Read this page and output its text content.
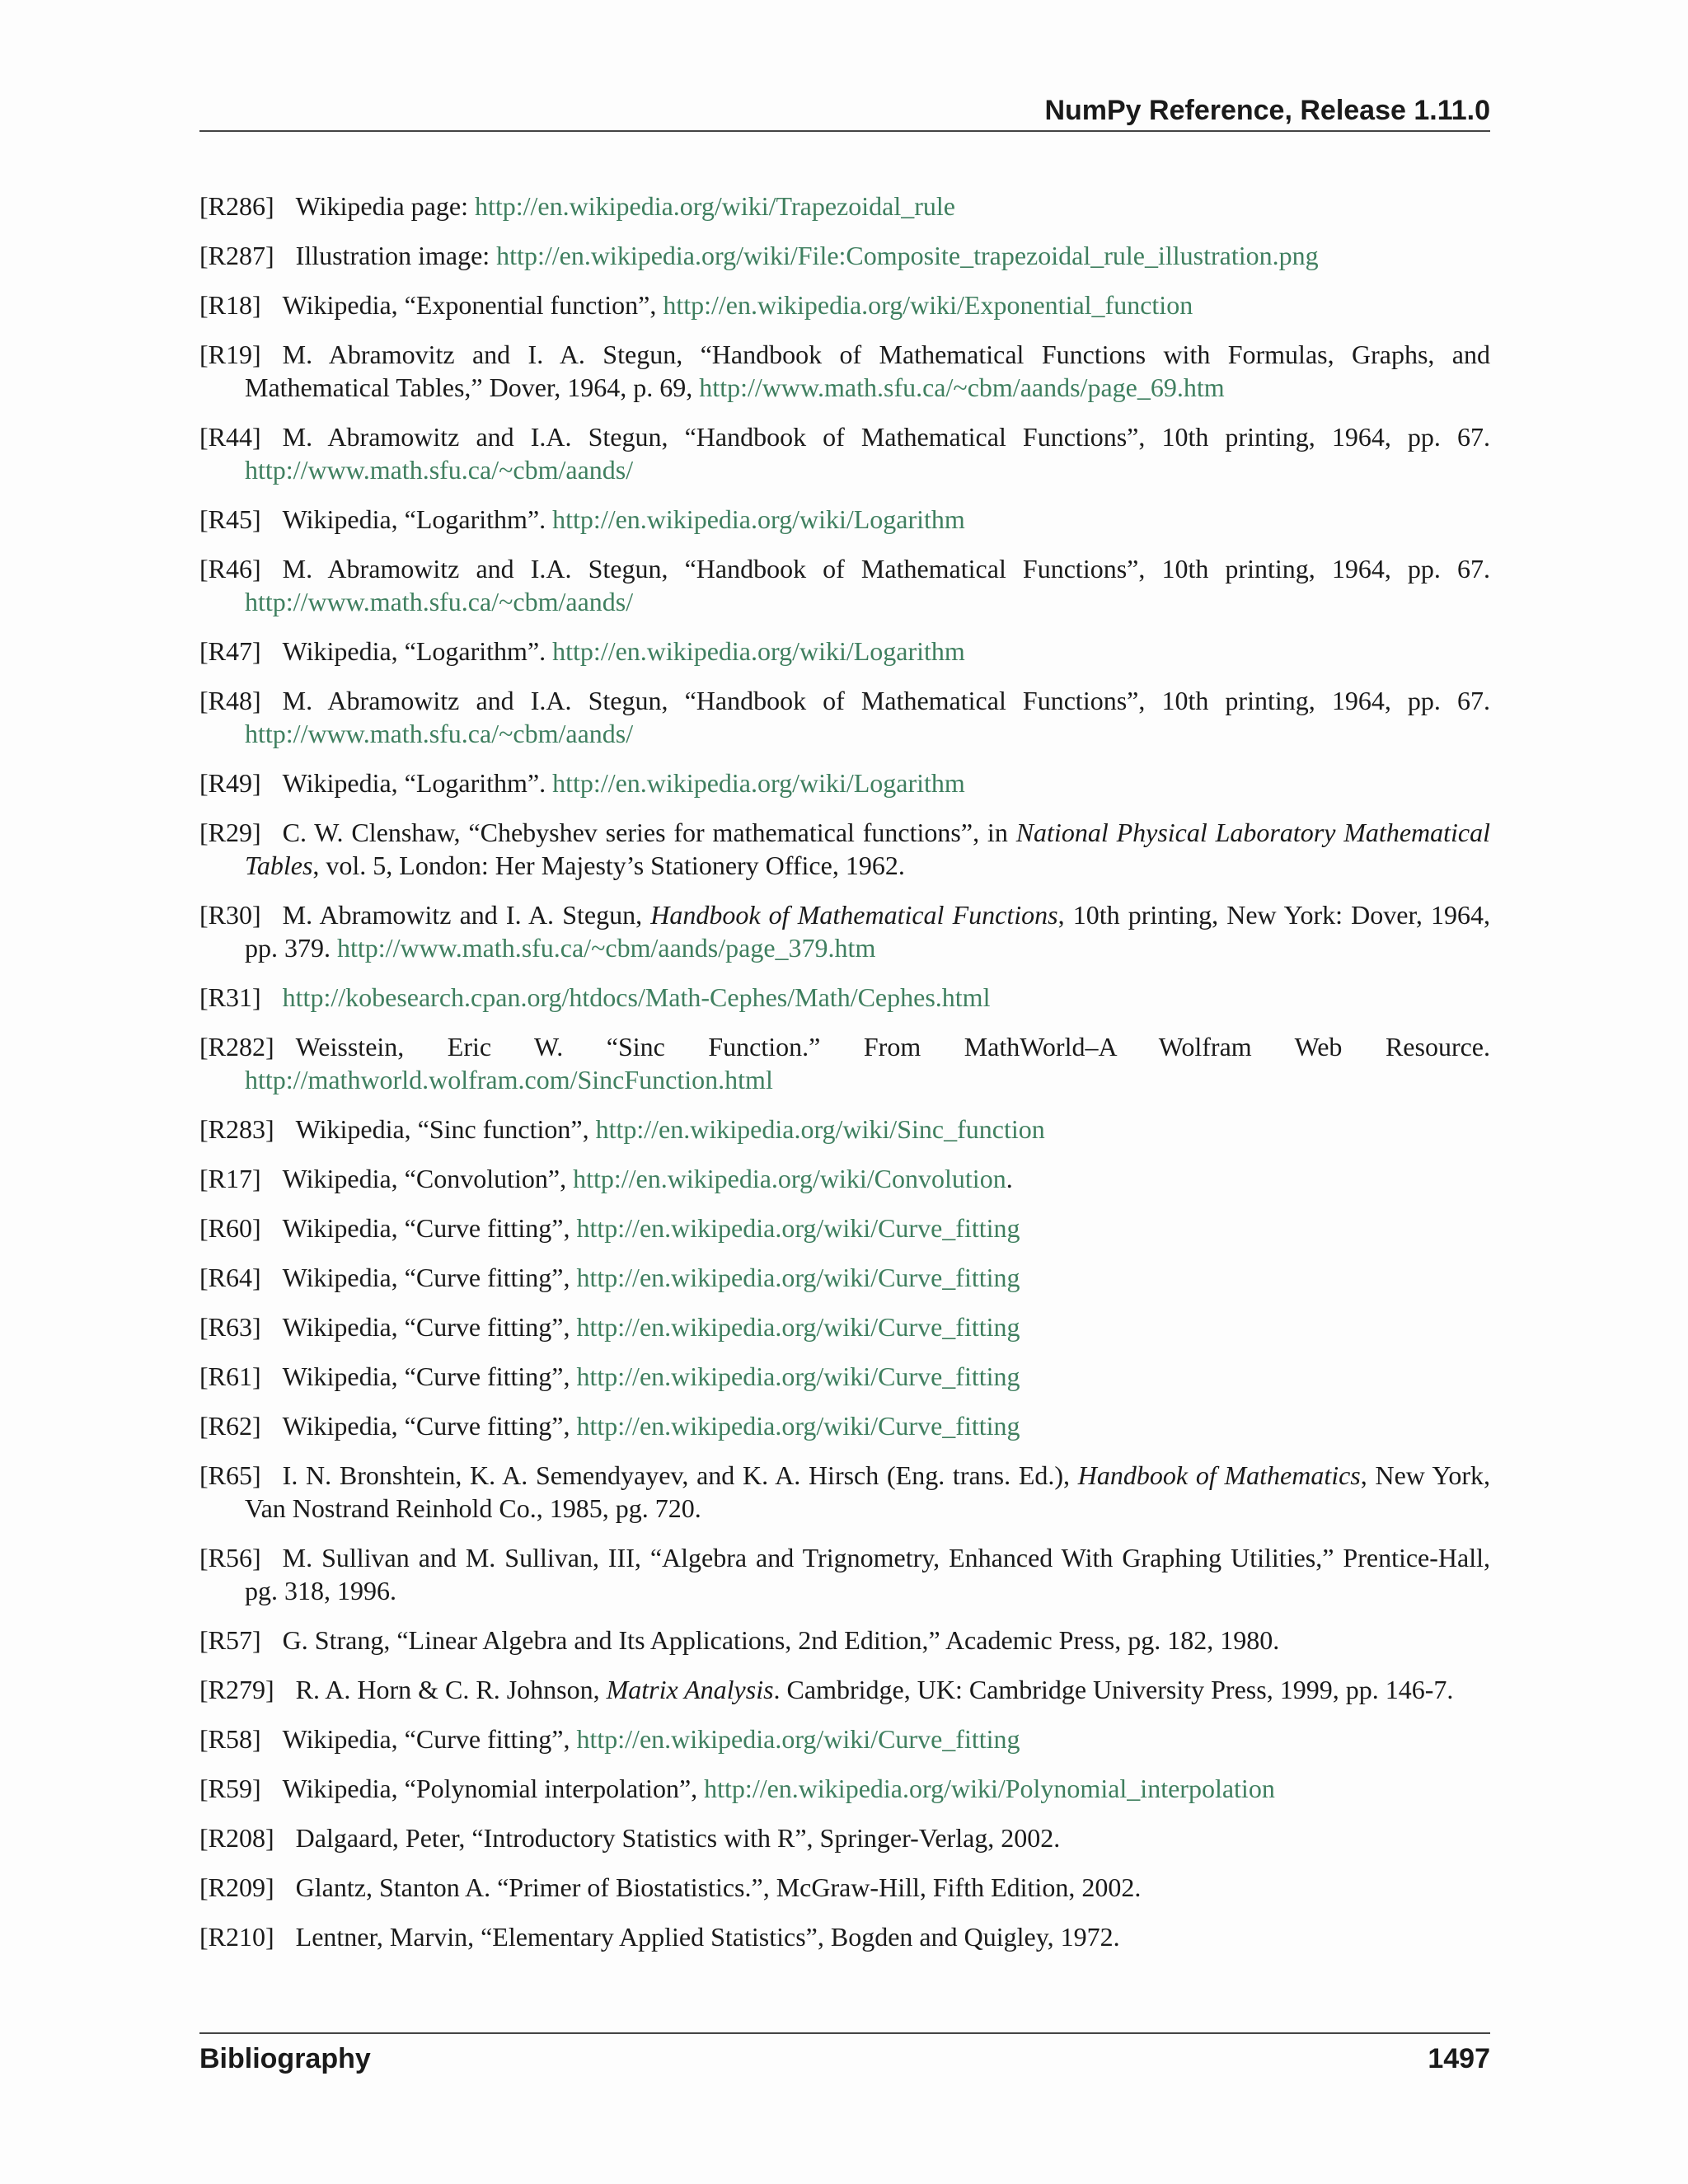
NumPy Reference, Release 1.11.0
[R286] Wikipedia page: http://en.wikipedia.org/wiki/Trapezoidal_rule
[R287] Illustration image: http://en.wikipedia.org/wiki/File:Composite_trapezoidal_rule_illustration.png
[R18] Wikipedia, “Exponential function”, http://en.wikipedia.org/wiki/Exponential_function
[R19] M. Abramovitz and I. A. Stegun, “Handbook of Mathematical Functions with Formulas, Graphs, and Mathematical Tables,” Dover, 1964, p. 69, http://www.math.sfu.ca/~cbm/aands/page_69.htm
[R44] M. Abramowitz and I.A. Stegun, “Handbook of Mathematical Functions”, 10th printing, 1964, pp. 67. http://www.math.sfu.ca/~cbm/aands/
[R45] Wikipedia, “Logarithm”. http://en.wikipedia.org/wiki/Logarithm
[R46] M. Abramowitz and I.A. Stegun, “Handbook of Mathematical Functions”, 10th printing, 1964, pp. 67. http://www.math.sfu.ca/~cbm/aands/
[R47] Wikipedia, “Logarithm”. http://en.wikipedia.org/wiki/Logarithm
[R48] M. Abramowitz and I.A. Stegun, “Handbook of Mathematical Functions”, 10th printing, 1964, pp. 67. http://www.math.sfu.ca/~cbm/aands/
[R49] Wikipedia, “Logarithm”. http://en.wikipedia.org/wiki/Logarithm
[R29] C. W. Clenshaw, “Chebyshev series for mathematical functions”, in National Physical Laboratory Mathematical Tables, vol. 5, London: Her Majesty’s Stationery Office, 1962.
[R30] M. Abramowitz and I. A. Stegun, Handbook of Mathematical Functions, 10th printing, New York: Dover, 1964, pp. 379. http://www.math.sfu.ca/~cbm/aands/page_379.htm
[R31] http://kobesearch.cpan.org/htdocs/Math-Cephes/Math/Cephes.html
[R282] Weisstein, Eric W. “Sinc Function.” From MathWorld–A Wolfram Web Resource. http://mathworld.wolfram.com/SincFunction.html
[R283] Wikipedia, “Sinc function”, http://en.wikipedia.org/wiki/Sinc_function
[R17] Wikipedia, “Convolution”, http://en.wikipedia.org/wiki/Convolution.
[R60] Wikipedia, “Curve fitting”, http://en.wikipedia.org/wiki/Curve_fitting
[R64] Wikipedia, “Curve fitting”, http://en.wikipedia.org/wiki/Curve_fitting
[R63] Wikipedia, “Curve fitting”, http://en.wikipedia.org/wiki/Curve_fitting
[R61] Wikipedia, “Curve fitting”, http://en.wikipedia.org/wiki/Curve_fitting
[R62] Wikipedia, “Curve fitting”, http://en.wikipedia.org/wiki/Curve_fitting
[R65] I. N. Bronshtein, K. A. Semendyayev, and K. A. Hirsch (Eng. trans. Ed.), Handbook of Mathematics, New York, Van Nostrand Reinhold Co., 1985, pg. 720.
[R56] M. Sullivan and M. Sullivan, III, “Algebra and Trignometry, Enhanced With Graphing Utilities,” Prentice-Hall, pg. 318, 1996.
[R57] G. Strang, “Linear Algebra and Its Applications, 2nd Edition,” Academic Press, pg. 182, 1980.
[R279] R. A. Horn & C. R. Johnson, Matrix Analysis. Cambridge, UK: Cambridge University Press, 1999, pp. 146-7.
[R58] Wikipedia, “Curve fitting”, http://en.wikipedia.org/wiki/Curve_fitting
[R59] Wikipedia, “Polynomial interpolation”, http://en.wikipedia.org/wiki/Polynomial_interpolation
[R208] Dalgaard, Peter, “Introductory Statistics with R”, Springer-Verlag, 2002.
[R209] Glantz, Stanton A. “Primer of Biostatistics.”, McGraw-Hill, Fifth Edition, 2002.
[R210] Lentner, Marvin, “Elementary Applied Statistics”, Bogden and Quigley, 1972.
Bibliography	1497
